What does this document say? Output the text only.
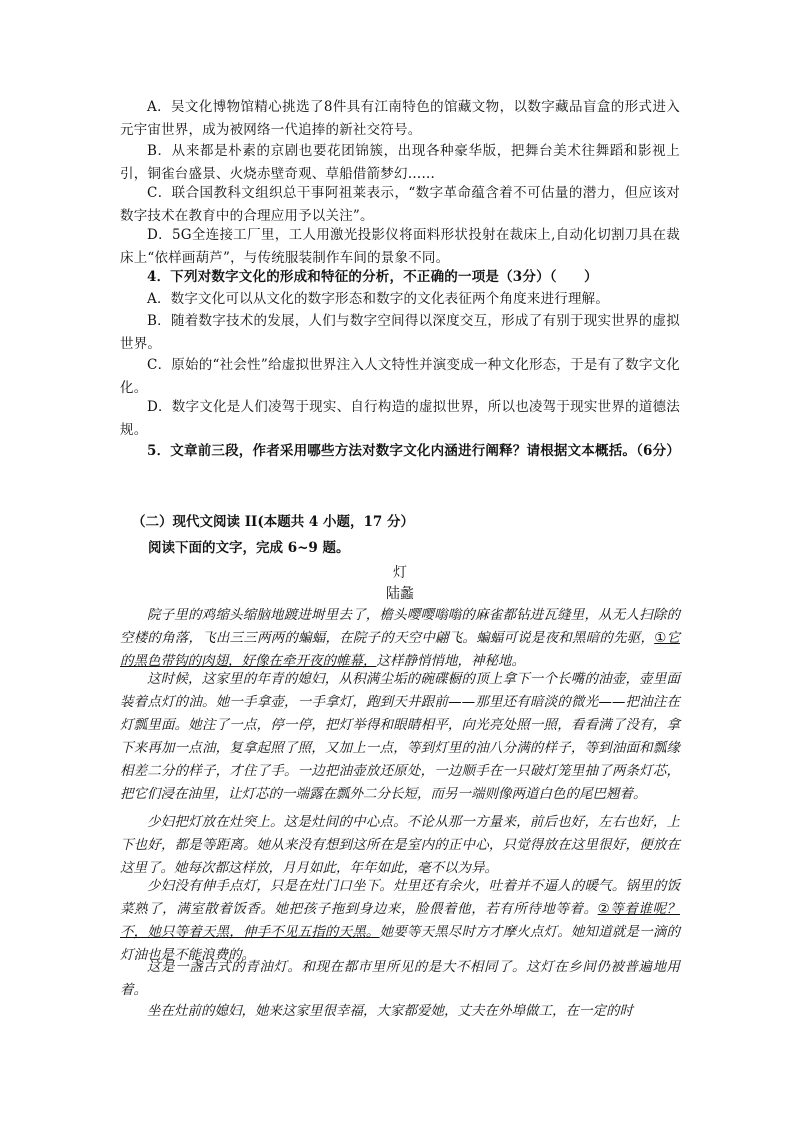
A．吴文化博物馆精心挑选了8件具有江南特色的馆藏文物，以数字藏品盲盒的形式进入元宇宙世界，成为被网络一代追捧的新社交符号。
B．从来都是朴素的京剧也要花团锦簇，出现各种豪华版，把舞台美术往舞蹈和影视上引，铜雀台盛景、火烧赤壁奇观、草船借箭梦幻……
C．联合国教科文组织总干事阿祖莱表示，“数字革命蕴含着不可估量的潜力，但应该对数字技术在教育中的合理应用予以关注”。
D．5G全连接工厂里，工人用激光投影仪将面料形状投射在裁床上,自动化切割刀具在裁床上“依样画葫芦”，与传统服装制作车间的景象不同。
4．下列对数字文化的形成和特征的分析，不正确的一项是（3分）（　　）
A．数字文化可以从文化的数字形态和数字的文化表征两个角度来进行理解。
B．随着数字技术的发展，人们与数字空间得以深度交互，形成了有别于现实世界的虚拟世界。
C．原始的“社会性”给虚拟世界注入人文特性并演变成一种文化形态，于是有了数字文化化。
D．数字文化是人们凌驾于现实、自行构造的虚拟世界，所以也凌驾于现实世界的道德法规。
5．文章前三段，作者采用哪些方法对数字文化内涵进行阐释？请根据文本概括。（6分）
（二）现代文阅读 II(本题共 4 小题，17 分）
阅读下面的文字，完成 6~9 题。
灯
陆蠡
院子里的鸡缩头缩脑地踱进埘里去了，檐头嘤嘤嗡嗡的麻雀都钻进瓦缝里，从无人扫除的空楼的角落，飞出三三两两的蝙蝠，在院子的天空中翩飞。蝙蝠可说是夜和黑暗的先驱，①它的黑色带钩的肉翅，好像在牵开夜的帷幕，这样静悄悄地，神秘地。
这时候，这家里的年青的媳妇，从积满尘垢的碗碟橱的顶上拿下一个长嘴的油壶，壶里面装着点灯的油。她一手拿壶，一手拿灯，跑到天井跟前——那里还有暗淡的微光——把油注在灯瓢里面。她注了一点，停一停，把灯举得和眼睛相平，向光亮处照一照，看看满了没有，拿下来再加一点油，复拿起照了照，又加上一点，等到灯里的油八分满的样子，等到油面和瓢缘相差二分的样子，才住了手。一边把油壶放还原处，一边顺手在一只破灯笼里抽了两条灯芯，把它们浸在油里，让灯芯的一端露在瓢外二分长短，而另一端则像两道白色的尾巴翘着。
少妇把灯放在灶突上。这是灶间的中心点。不论从那一方量来，前后也好，左右也好，上下也好，都是等距离。她从来没有想到这所在是室内的正中心，只觉得放在这里很好，便放在这里了。她每次都这样放，月月如此，年年如此，毫不以为异。
少妇没有伸手点灯，只是在灶门口坐下。灶里还有余火，吐着并不逼人的暖气。锅里的饭菜熟了，满室散着饭香。她把孩子拖到身边来，脸偎着他，若有所待地等着。②等着谁呢？不，她只等着天黑，伸手不见五指的天黑。她要等天黑尽时方才摩火点灯。她知道就是一滴的灯油也是不能浪费的。
这是一盏古式的青油灯。和现在都市里所见的是大不相同了。这灯在乡间仍被普遍地用着。
坐在灶前的媳妇，她来这家里很幸福，大家都爱她，丈夫在外埠做工，在一定的时
